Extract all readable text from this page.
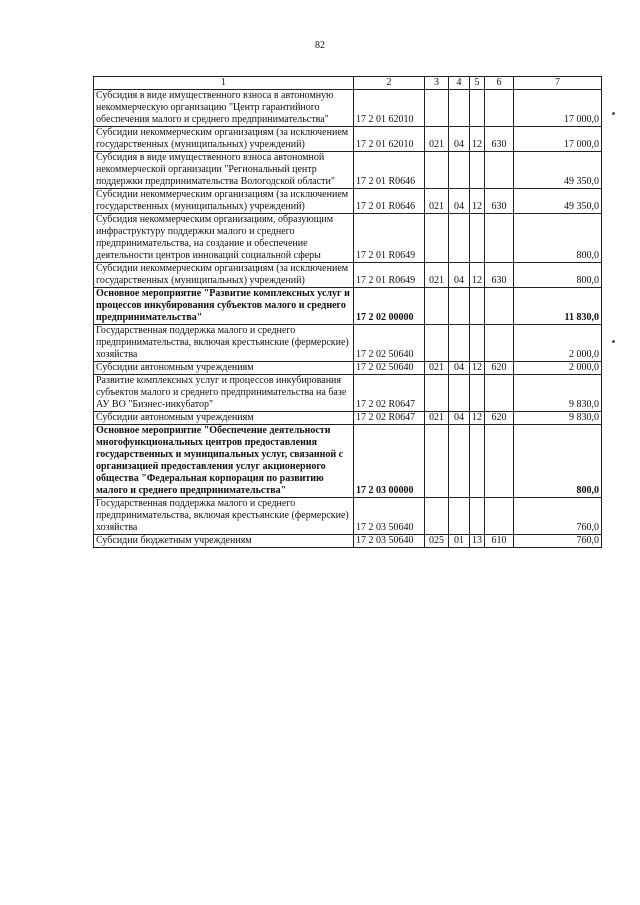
82
1	2	3	4	5	6	7
Субсидия в виде имущественного взноса в автономную некоммерческую организацию "Центр гарантийного обеспечения малого и среднего предпринимательства"	17 2 01 62010					17 000,0
Субсидии некоммерческим организациям (за исключением государственных (муниципальных) учреждений)	17 2 01 62010	021	04	12	630	17 000,0
Субсидия в виде имущественного взноса автономной некоммерческой организации "Региональный центр поддержки предпринимательства Вологодской области"	17 2 01 R0646					49 350,0
Субсидии некоммерческим организациям (за исключением государственных (муниципальных) учреждений)	17 2 01 R0646	021	04	12	630	49 350,0
Субсидия некоммерческим организациям, образующим инфраструктуру поддержки малого и среднего предпринимательства, на создание и обеспечение деятельности центров инноваций социальной сферы	17 2 01 R0649					800,0
Субсидии некоммерческим организациям (за исключением государственных (муниципальных) учреждений)	17 2 01 R0649	021	04	12	630	800,0
Основное мероприятие "Развитие комплексных услуг и процессов инкубирования субъектов малого и среднего предпринимательства"	17 2 02 00000					11 830,0
Государственная поддержка малого и среднего предпринимательства, включая крестьянские (фермерские) хозяйства	17 2 02 50640					2 000,0
Субсидии автономным учреждениям	17 2 02 50640	021	04	12	620	2 000,0
Развитие комплексных услуг и процессов инкубирования субъектов малого и среднего предпринимательства на базе АУ ВО "Бизнес-инкубатор"	17 2 02 R0647					9 830,0
Субсидии автономным учреждениям	17 2 02 R0647	021	04	12	620	9 830,0
Основное мероприятие "Обеспечение деятельности многофункциональных центров предоставления государственных и муниципальных услуг, связанной с организацией предоставления услуг акционерного общества "Федеральная корпорация по развитию малого и среднего предпринимательства"	17 2 03 00000					800,0
Государственная поддержка малого и среднего предпринимательства, включая крестьянские (фермерские) хозяйства	17 2 03 50640					760,0
Субсидии бюджетным учреждениям	17 2 03 50640	025	01	13	610	760,0
